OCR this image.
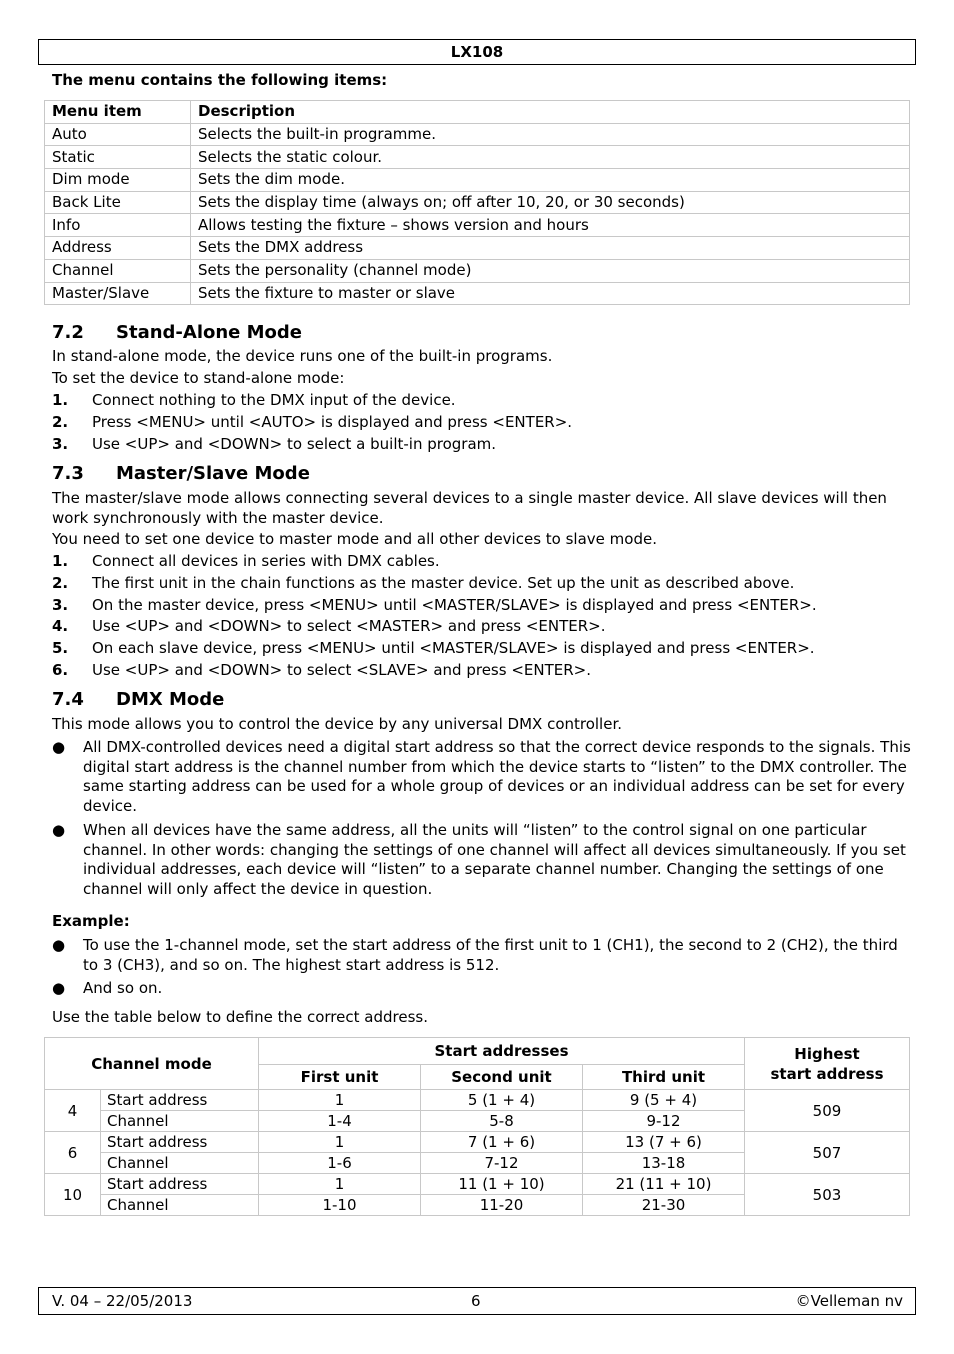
LX108
The menu contains the following items:
Menu item	Description
Auto	Selects the built-in programme.
Static	Selects the static colour.
Dim mode	Sets the dim mode.
Back Lite	Sets the display time (always on; off after 10, 20, or 30 seconds)
Info	Allows testing the fixture – shows version and hours
Address	Sets the DMX address
Channel	Sets the personality (channel mode)
Master/Slave	Sets the fixture to master or slave
7.2 Stand-Alone Mode
In stand-alone mode, the device runs one of the built-in programs.
To set the device to stand-alone mode:
1. Connect nothing to the DMX input of the device.
2. Press <MENU> until <AUTO> is displayed and press <ENTER>.
3. Use <UP> and <DOWN> to select a built-in program.
7.3 Master/Slave Mode
The master/slave mode allows connecting several devices to a single master device. All slave devices will then work synchronously with the master device.
You need to set one device to master mode and all other devices to slave mode.
1. Connect all devices in series with DMX cables.
2. The first unit in the chain functions as the master device. Set up the unit as described above.
3. On the master device, press <MENU> until <MASTER/SLAVE> is displayed and press <ENTER>.
4. Use <UP> and <DOWN> to select <MASTER> and press <ENTER>.
5. On each slave device, press <MENU> until <MASTER/SLAVE> is displayed and press <ENTER>.
6. Use <UP> and <DOWN> to select <SLAVE> and press <ENTER>.
7.4 DMX Mode
This mode allows you to control the device by any universal DMX controller.
●	All DMX-controlled devices need a digital start address so that the correct device responds to the signals. This digital start address is the channel number from which the device starts to “listen” to the DMX controller. The same starting address can be used for a whole group of devices or an individual address can be set for every device.
●	When all devices have the same address, all the units will “listen” to the control signal on one particular channel. In other words: changing the settings of one channel will affect all devices simultaneously. If you set individual addresses, each device will “listen” to a separate channel number. Changing the settings of one channel will only affect the device in question.
Example:
●	To use the 1-channel mode, set the start address of the first unit to 1 (CH1), the second to 2 (CH2), the third to 3 (CH3), and so on. The highest start address is 512.
●	And so on.
Use the table below to define the correct address.
Channel mode		Start addresses			Highest
start address
		First unit	Second unit	Third unit	
4	Start address	1	5 (1 + 4)	9 (5 + 4)	509
	Channel	1-4	5-8	9-12	
6	Start address	1	7 (1 + 6)	13 (7 + 6)	507
	Channel	1-6	7-12	13-18	
10	Start address	1	11 (1 + 10)	21 (11 + 10)	503
	Channel	1-10	11-20	21-30	
V. 04 – 22/05/2013	6	©Velleman nv
